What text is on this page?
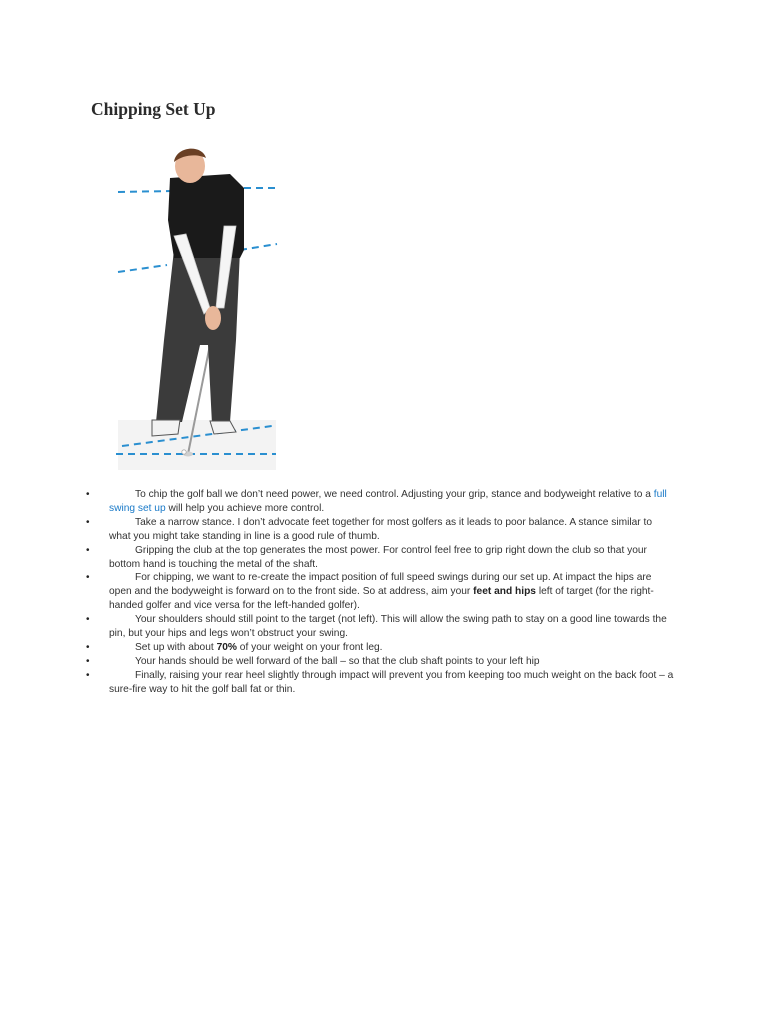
Chipping Set Up
•	To chip the golf ball we don’t need power, we need control. Adjusting your grip, stance and bodyweight relative to a full swing set up will help you achieve more control.
•	Take a narrow stance. I don’t advocate feet together for most golfers as it leads to poor balance. A stance similar to what you might take standing in line is a good rule of thumb.
•	Gripping the club at the top generates the most power. For control feel free to grip right down the club so that your bottom hand is touching the metal of the shaft.
•	For chipping, we want to re-create the impact position of full speed swings during our set up. At impact the hips are open and the bodyweight is forward on to the front side. So at address, aim your feet and hips left of target (for the right-handed golfer and vice versa for the left-handed golfer).
•	Your shoulders should still point to the target (not left). This will allow the swing path to stay on a good line towards the pin, but your hips and legs won’t obstruct your swing.
•	Set up with about 70% of your weight on your front leg.
•	Your hands should be well forward of the ball – so that the club shaft points to your left hip
•	Finally, raising your rear heel slightly through impact will prevent you from keeping too much weight on the back foot – a sure-fire way to hit the golf ball fat or thin.
